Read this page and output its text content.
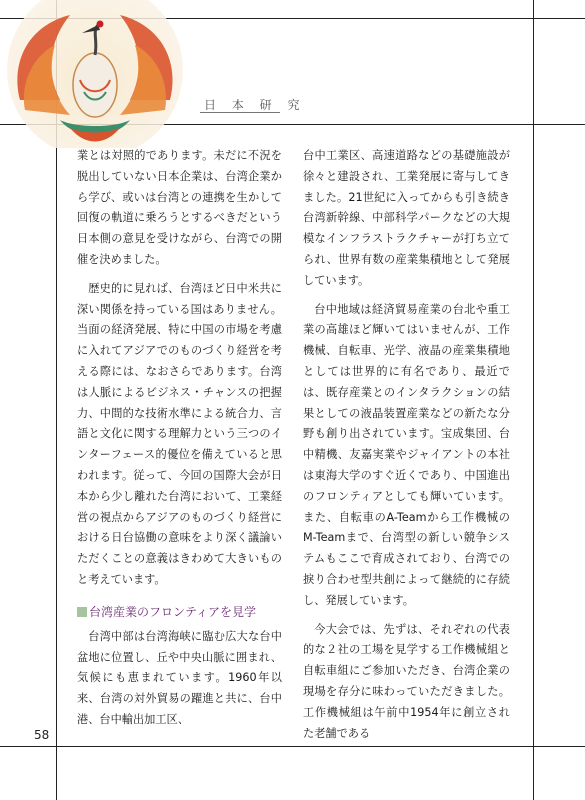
日 本 研 究

業とは対照的であります。未だに不況を脱出していない日本企業は、台湾企業から学び、或いは台湾との連携を生かして回復の軌道に乗ろうとするべきだという日本側の意見を受けながら、台湾での開催を決めました。

歴史的に見れば、台湾ほど日中米共に深い関係を持っている国はありません。当面の経済発展、特に中国の市場を考慮に入れてアジアでのものづくり経営を考える際には、なおさらであります。台湾は人脈によるビジネス・チャンスの把握力、中間的な技術水準による統合力、言語と文化に関する理解力という三つのインターフェース的優位を備えていると思われます。従って、今回の国際大会が日本から少し離れた台湾において、工業経営の視点からアジアのものづくり経営における日台協働の意味をより深く議論いただくことの意義はきわめて大きいものと考えています。

台湾産業のフロンティアを見学

台湾中部は台湾海峡に臨む広大な台中盆地に位置し、丘や中央山脈に囲まれ、気候にも恵まれています。1960年以来、台湾の対外貿易の躍進と共に、台中港、台中輸出加工区、

台中工業区、高速道路などの基礎施設が徐々と建設され、工業発展に寄与してきました。21世紀に入ってからも引き続き台湾新幹線、中部科学パークなどの大規模なインフラストラクチャーが打ち立てられ、世界有数の産業集積地として発展しています。

台中地域は経済貿易産業の台北や重工業の高雄ほど輝いてはいませんが、工作機械、自転車、光学、液晶の産業集積地としては世界的に有名であり、最近では、既存産業とのインタラクションの結果としての液晶装置産業などの新たな分野も創り出されています。宝成集団、台中精機、友嘉実業やジャイアントの本社は東海大学のすぐ近くであり、中国進出のフロンティアとしても輝いています。また、自転車のA-Teamから工作機械のM-Teamまで、台湾型の新しい競争システムもここで育成されており、台湾での捩り合わせ型共創によって継続的に存続し、発展しています。

今大会では、先ずは、それぞれの代表的な２社の工場を見学する工作機械組と自転車組にご参加いただき、台湾企業の現場を存分に味わっていただきました。工作機械組は午前中1954年に創立された老舗である

58
